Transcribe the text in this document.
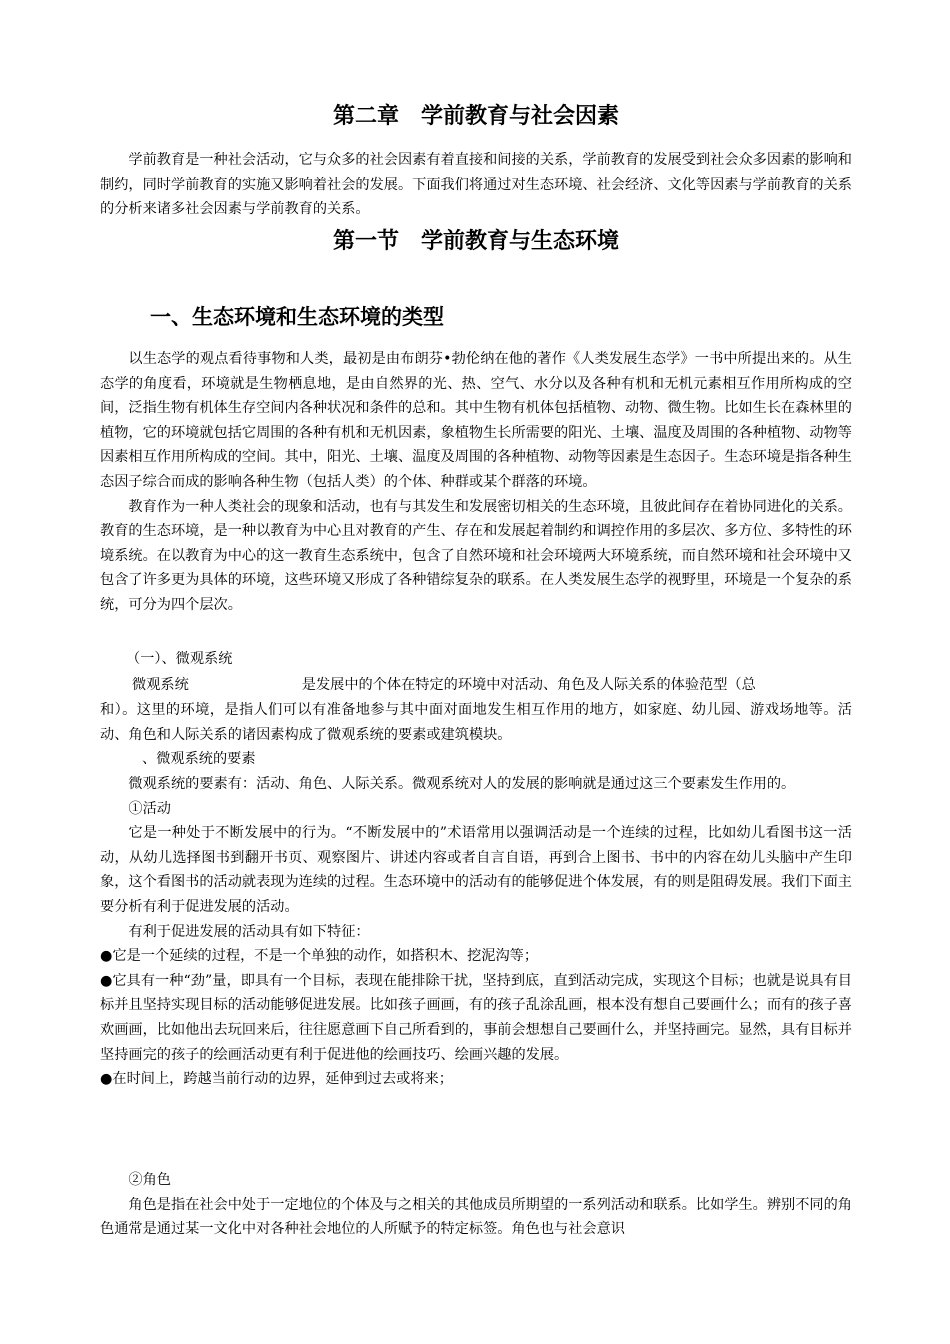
第二章　学前教育与社会因素

学前教育是一种社会活动，它与众多的社会因素有着直接和间接的关系，学前教育的发展受到社会众多因素的影响和制约，同时学前教育的实施又影响着社会的发展。下面我们将通过对生态环境、社会经济、文化等因素与学前教育的关系的分析来诸多社会因素与学前教育的关系。

第一节　学前教育与生态环境
一、生态环境和生态环境的类型

以生态学的观点看待事物和人类，最初是由布朗芬•勃伦纳在他的著作《人类发展生态学》一书中所提出来的。从生态学的角度看，环境就是生物栖息地，是由自然界的光、热、空气、水分以及各种有机和无机元素相互作用所构成的空间，泛指生物有机体生存空间内各种状况和条件的总和。其中生物有机体包括植物、动物、微生物。比如生长在森林里的植物，它的环境就包括它周围的各种有机和无机因素，象植物生长所需要的阳光、土壤、温度及周围的各种植物、动物等因素相互作用所构成的空间。其中，阳光、土壤、温度及周围的各种植物、动物等因素是生态因子。生态环境是指各种生态因子综合而成的影响各种生物（包括人类）的个体、种群或某个群落的环境。

教育作为一种人类社会的现象和活动，也有与其发生和发展密切相关的生态环境，且彼此间存在着协同进化的关系。教育的生态环境，是一种以教育为中心且对教育的产生、存在和发展起着制约和调控作用的多层次、多方位、多特性的环境系统。在以教育为中心的这一教育生态系统中，包含了自然环境和社会环境两大环境系统，而自然环境和社会环境中又包含了许多更为具体的环境，这些环境又形成了各种错综复杂的联系。在人类发展生态学的视野里，环境是一个复杂的系统，可分为四个层次。

（一）、微观系统
微观系统	是发展中的个体在特定的环境中对活动、角色及人际关系的体验范型（总

和）。这里的环境，是指人们可以有准备地参与其中面对面地发生相互作用的地方，如家庭、幼儿园、游戏场地等。活动、角色和人际关系的诸因素构成了微观系统的要素或建筑模块。

、微观系统的要素

微观系统的要素有：活动、角色、人际关系。微观系统对人的发展的影响就是通过这三个要素发生作用的。

①活动

它是一种处于不断发展中的行为。“不断发展中的”术语常用以强调活动是一个连续的过程，比如幼儿看图书这一活动，从幼儿选择图书到翻开书页、观察图片、讲述内容或者自言自语，再到合上图书、书中的内容在幼儿头脑中产生印象，这个看图书的活动就表现为连续的过程。生态环境中的活动有的能够促进个体发展，有的则是阻碍发展。我们下面主要分析有利于促进发展的活动。

有利于促进发展的活动具有如下特征：

●它是一个延续的过程，不是一个单独的动作，如搭积木、挖泥沟等；

●它具有一种“劲”量，即具有一个目标，表现在能排除干扰，坚持到底，直到活动完成，实现这个目标；也就是说具有目标并且坚持实现目标的活动能够促进发展。比如孩子画画，有的孩子乱涂乱画，根本没有想自己要画什么；而有的孩子喜欢画画，比如他出去玩回来后，往往愿意画下自己所看到的，事前会想想自己要画什么，并坚持画完。显然，具有目标并坚持画完的孩子的绘画活动更有利于促进他的绘画技巧、绘画兴趣的发展。

●在时间上，跨越当前行动的边界，延伸到过去或将来；

②角色

角色是指在社会中处于一定地位的个体及与之相关的其他成员所期望的一系列活动和联系。比如学生。辨别不同的角色通常是通过某一文化中对各种社会地位的人所赋予的特定标签。角色也与社会意识
